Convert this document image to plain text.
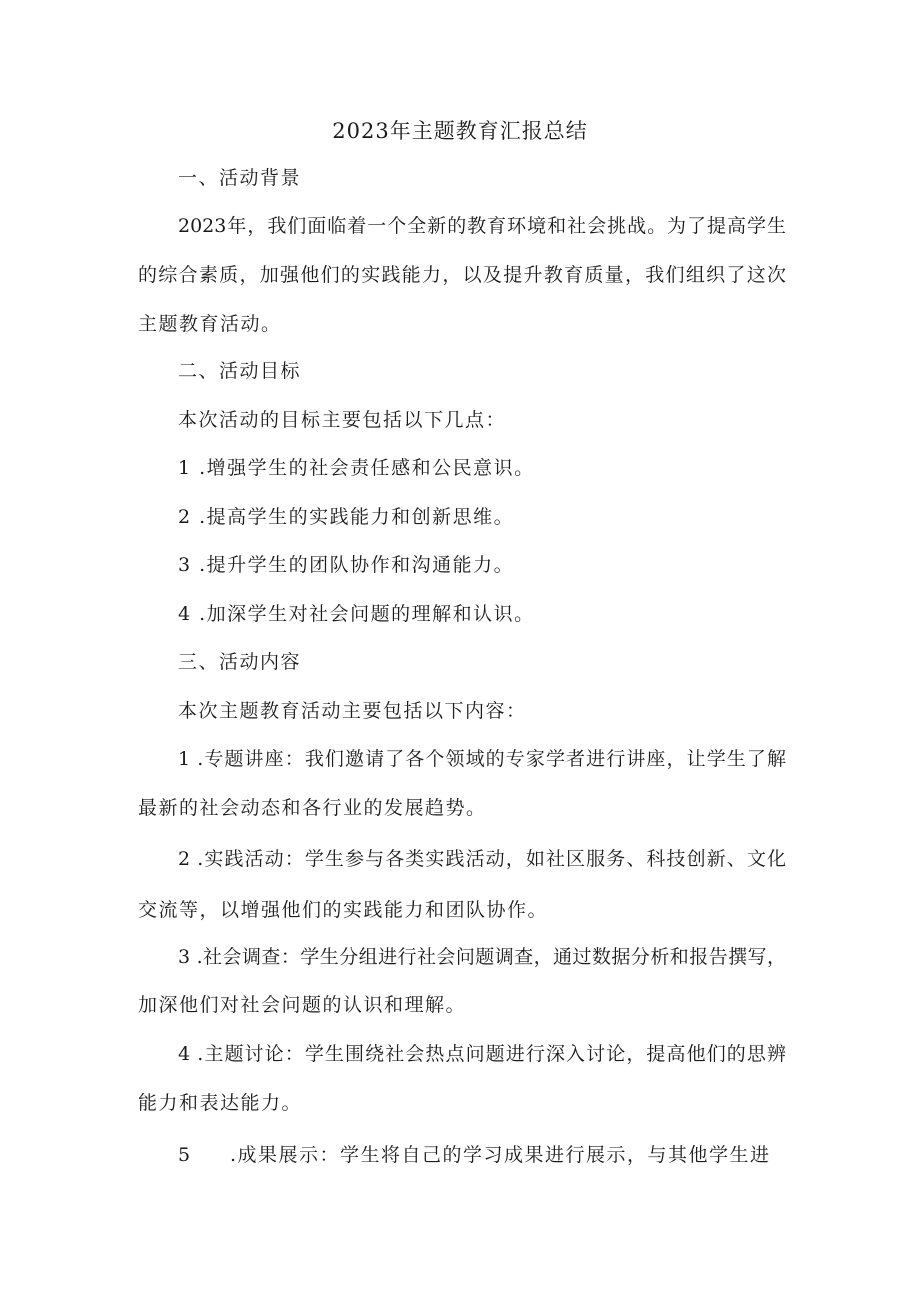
2023年主题教育汇报总结
一、活动背景
2023年，我们面临着一个全新的教育环境和社会挑战。为了提高学生
的综合素质，加强他们的实践能力，以及提升教育质量，我们组织了这次
主题教育活动。
二、活动目标
本次活动的目标主要包括以下几点：
1 .增强学生的社会责任感和公民意识。
2 .提高学生的实践能力和创新思维。
3 .提升学生的团队协作和沟通能力。
4 .加深学生对社会问题的理解和认识。
三、活动内容
本次主题教育活动主要包括以下内容：
1 .专题讲座：我们邀请了各个领域的专家学者进行讲座，让学生了解
最新的社会动态和各行业的发展趋势。
2 .实践活动：学生参与各类实践活动，如社区服务、科技创新、文化
交流等，以增强他们的实践能力和团队协作。
3 .社会调查：学生分组进行社会问题调查，通过数据分析和报告撰写，
加深他们对社会问题的认识和理解。
4 .主题讨论：学生围绕社会热点问题进行深入讨论，提高他们的思辨
能力和表达能力。
5 .成果展示：学生将自己的学习成果进行展示，与其他学生进
